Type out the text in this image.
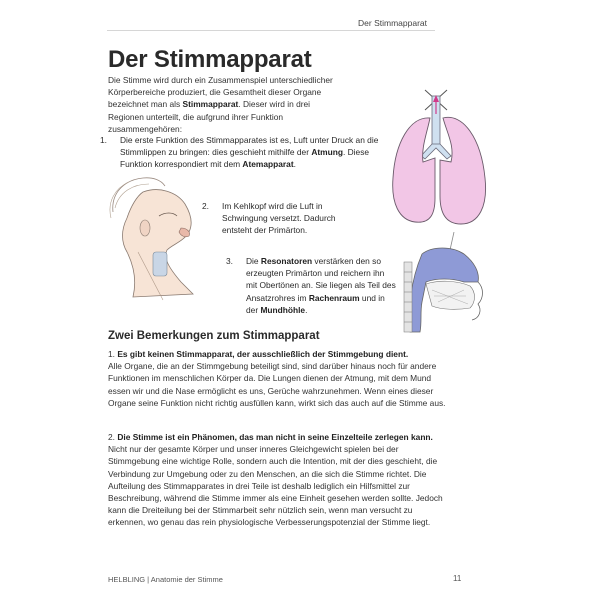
Der Stimmapparat
Der Stimmapparat
Die Stimme wird durch ein Zusammenspiel unterschiedlicher Körperbereiche produziert, die Gesamtheit dieser Organe bezeichnet man als Stimmapparat. Dieser wird in drei Regionen unterteilt, die aufgrund ihrer Funktion zusammengehören:
1. Die erste Funktion des Stimmapparates ist es, Luft unter Druck an die Stimmlippen zu bringen: dies geschieht mithilfe der Atmung. Diese Funktion korrespondiert mit dem Atemapparat.
2. Im Kehlkopf wird die Luft in Schwingung versetzt. Dadurch entsteht der Primärton.
3. Die Resonatoren verstärken den so erzeugten Primärton und reichern ihn mit Obertönen an. Sie liegen als Teil des Ansatzrohres im Rachenraum und in der Mundhöhle.
Zwei Bemerkungen zum Stimmapparat
1. Es gibt keinen Stimmapparat, der ausschließlich der Stimmgebung dient.
Alle Organe, die an der Stimmgebung beteiligt sind, sind darüber hinaus noch für andere Funktionen im menschlichen Körper da. Die Lungen dienen der Atmung, mit dem Mund essen wir und die Nase ermöglicht es uns, Gerüche wahrzunehmen. Wenn eines dieser Organe seine Funktion nicht richtig ausfüllen kann, wirkt sich das auch auf die Stimme aus.
2. Die Stimme ist ein Phänomen, das man nicht in seine Einzelteile zerlegen kann.
Nicht nur der gesamte Körper und unser inneres Gleichgewicht spielen bei der Stimmgebung eine wichtige Rolle, sondern auch die Intention, mit der dies geschieht, die Verbindung zur Umgebung oder zu den Menschen, an die sich die Stimme richtet. Die Aufteilung des Stimmapparates in drei Teile ist deshalb lediglich ein Hilfsmittel zur Beschreibung, während die Stimme immer als eine Einheit gesehen werden sollte. Jedoch kann die Dreiteilung bei der Stimmarbeit sehr nützlich sein, wenn man versucht zu erkennen, wo genau das rein physiologische Verbesserungspotenzial der Stimme liegt.
HELBLING | Anatomie der Stimme	11
